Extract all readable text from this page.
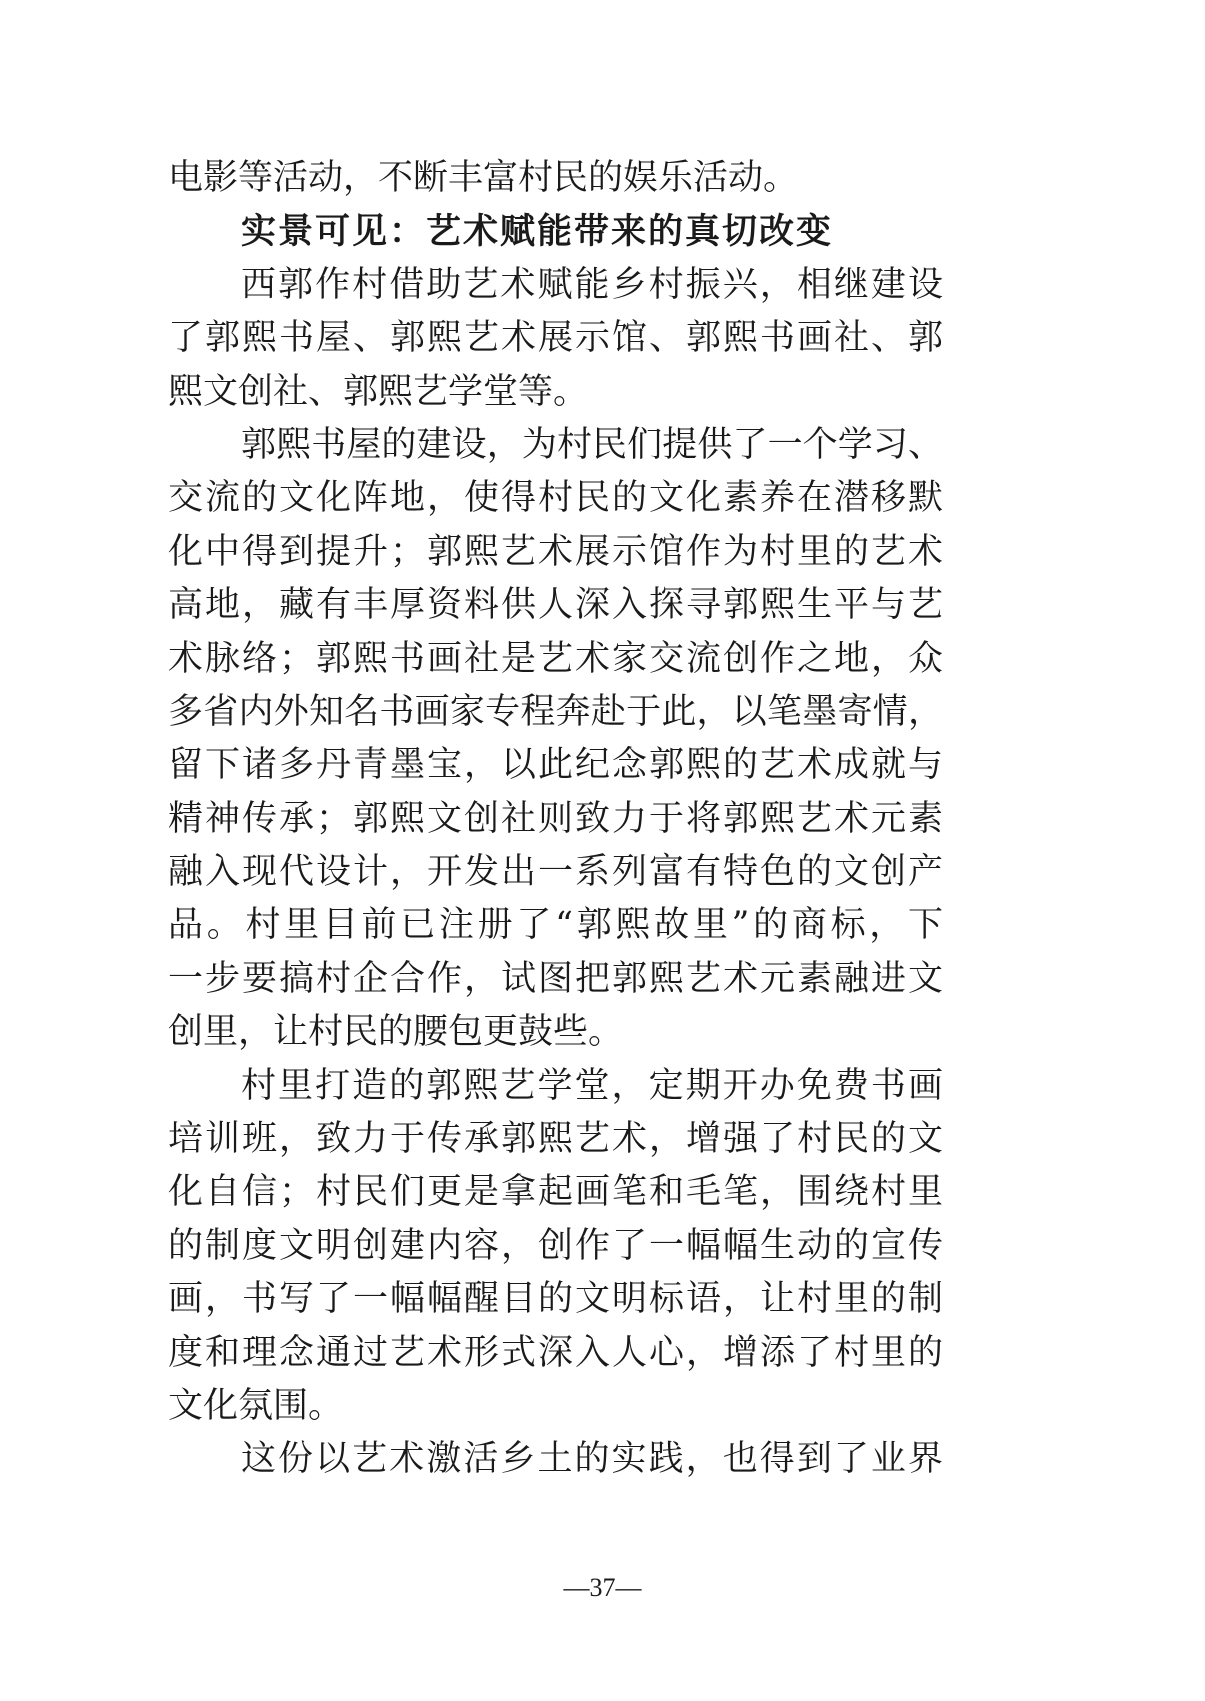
电影等活动，不断丰富村民的娱乐活动。
实景可见：艺术赋能带来的真切改变
西郭作村借助艺术赋能乡村振兴，相继建设
了郭熙书屋、郭熙艺术展示馆、郭熙书画社、郭
熙文创社、郭熙艺学堂等。
郭熙书屋的建设，为村民们提供了一个学习、
交流的文化阵地，使得村民的文化素养在潜移默
化中得到提升；郭熙艺术展示馆作为村里的艺术
高地，藏有丰厚资料供人深入探寻郭熙生平与艺
术脉络；郭熙书画社是艺术家交流创作之地，众
多省内外知名书画家专程奔赴于此，以笔墨寄情，
留下诸多丹青墨宝，以此纪念郭熙的艺术成就与
精神传承；郭熙文创社则致力于将郭熙艺术元素
融入现代设计，开发出一系列富有特色的文创产
品。村里目前已注册了“郭熙故里”的商标，下
一步要搞村企合作，试图把郭熙艺术元素融进文
创里，让村民的腰包更鼓些。
村里打造的郭熙艺学堂，定期开办免费书画
培训班，致力于传承郭熙艺术，增强了村民的文
化自信；村民们更是拿起画笔和毛笔，围绕村里
的制度文明创建内容，创作了一幅幅生动的宣传
画，书写了一幅幅醒目的文明标语，让村里的制
度和理念通过艺术形式深入人心，增添了村里的
文化氛围。
这份以艺术激活乡土的实践，也得到了业界
—37—
